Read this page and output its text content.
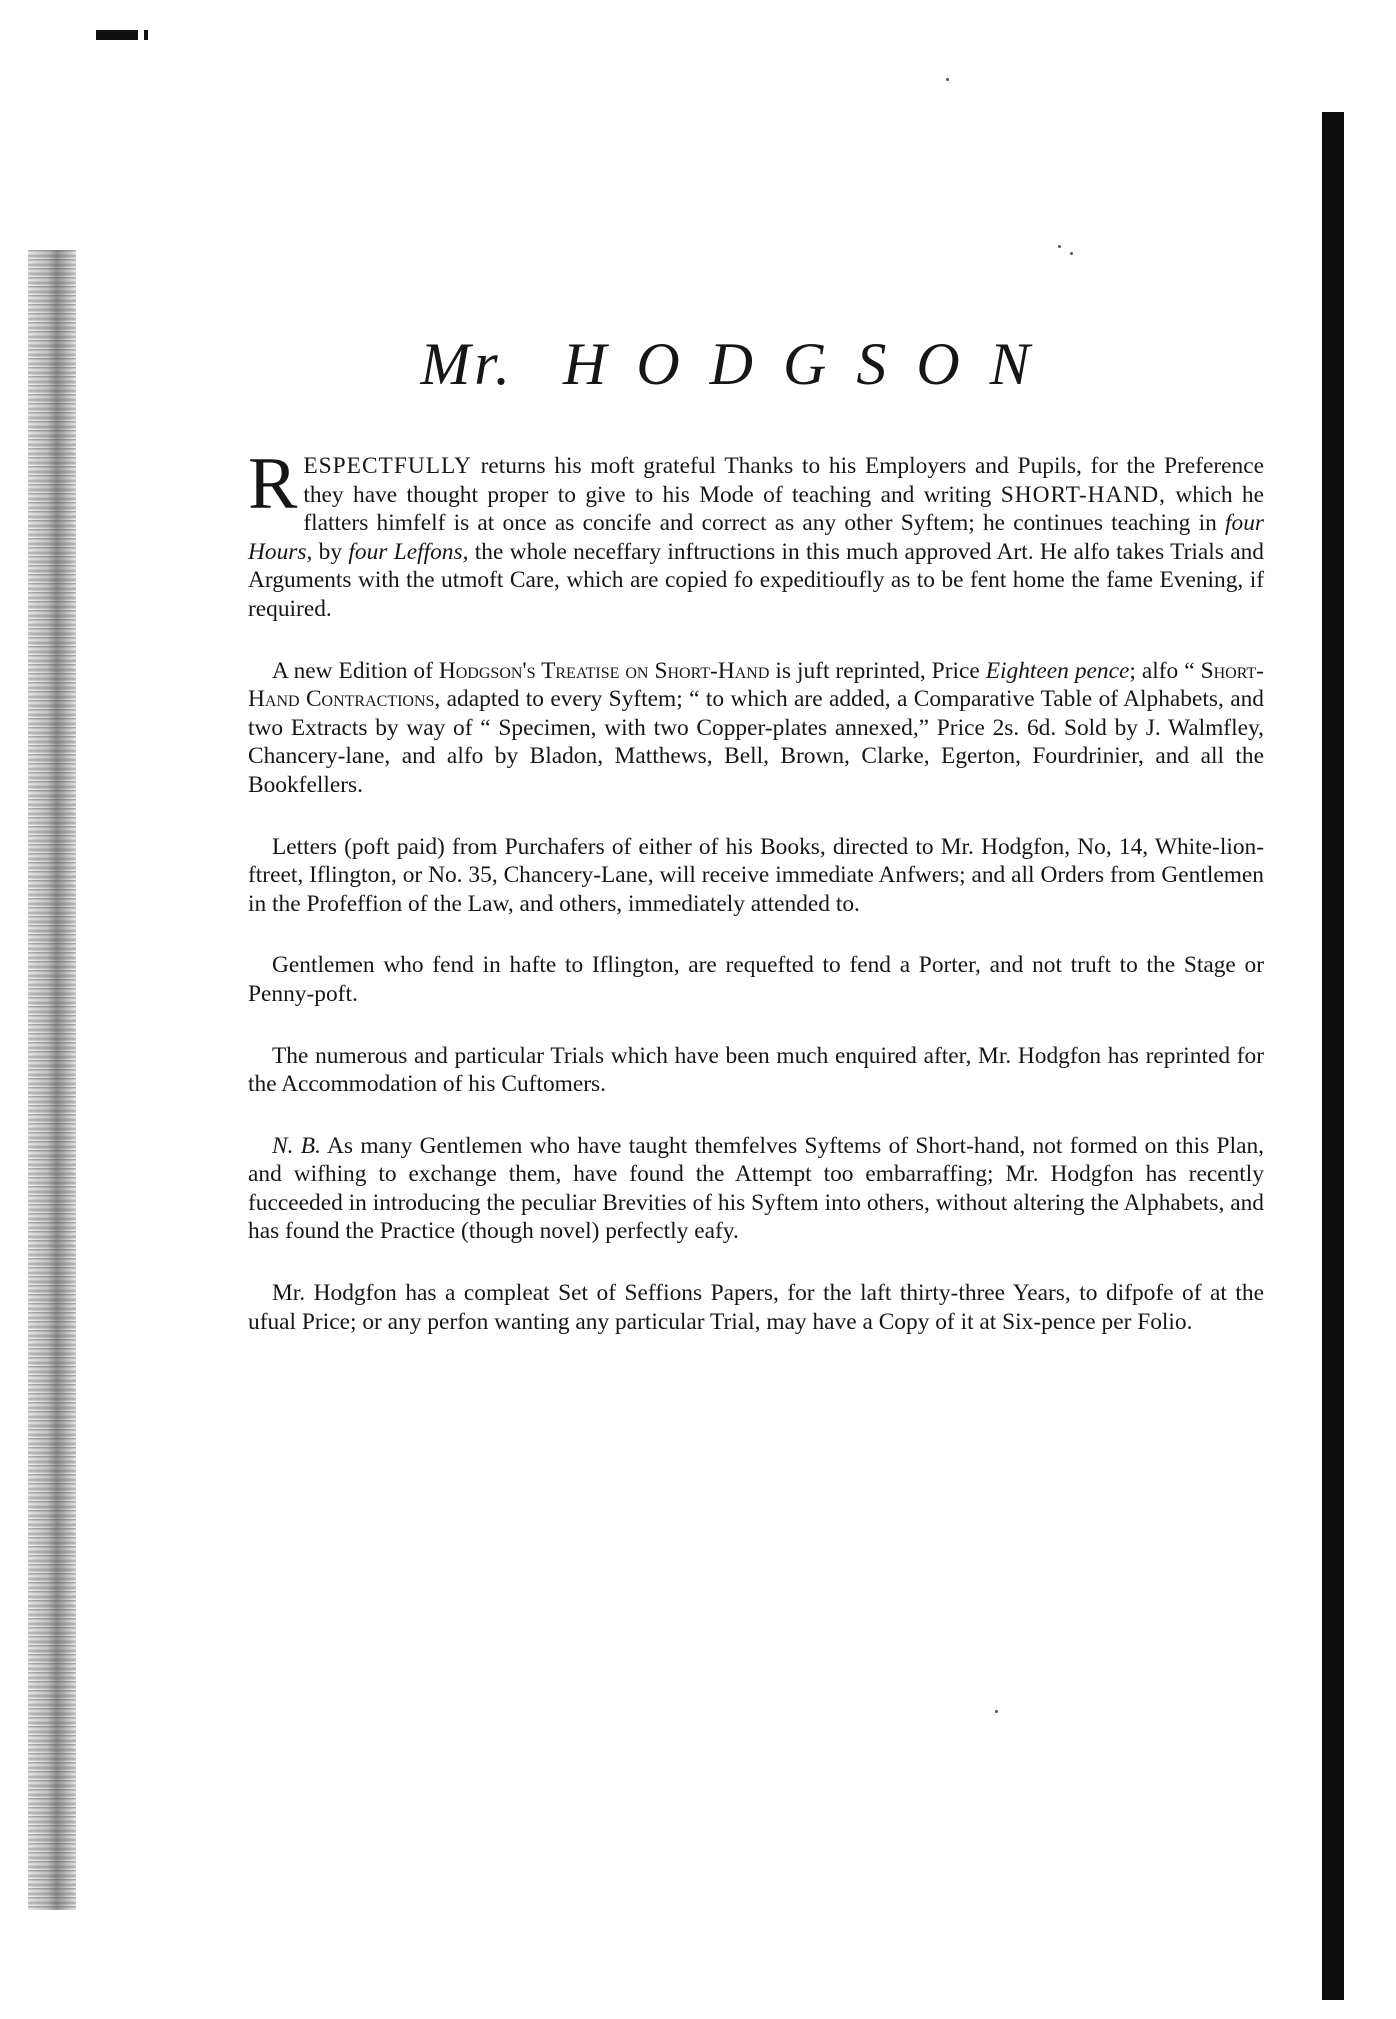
Mr. HODGSON

RESPECTFULLY returns his moft grateful Thanks to his Employers and Pupils, for the Preference they have thought proper to give to his Mode of teaching and writing SHORT-HAND, which he flatters himfelf is at once as concife and correct as any other Syftem; he continues teaching in four Hours, by four Leffons, the whole neceffary inftructions in this much approved Art. He alfo takes Trials and Arguments with the utmoft Care, which are copied fo expeditioufly as to be fent home the fame Evening, if required.

A new Edition of Hodgson's Treatise on Short-Hand is juft reprinted, Price Eighteen pence; alfo “ Short-Hand Contractions, adapted to every Syftem; “ to which are added, a Comparative Table of Alphabets, and two Extracts by way of “ Specimen, with two Copper-plates annexed,” Price 2s. 6d. Sold by J. Walmfley, Chancery-lane, and alfo by Bladon, Matthews, Bell, Brown, Clarke, Egerton, Fourdrinier, and all the Bookfellers.

Letters (poft paid) from Purchafers of either of his Books, directed to Mr. Hodgfon, No, 14, White-lion-ftreet, Iflington, or No. 35, Chancery-Lane, will receive immediate Anfwers; and all Orders from Gentlemen in the Profeffion of the Law, and others, immediately attended to.

Gentlemen who fend in hafte to Iflington, are requefted to fend a Porter, and not truft to the Stage or Penny-poft.

The numerous and particular Trials which have been much enquired after, Mr. Hodgfon has reprinted for the Accommodation of his Cuftomers.

N. B. As many Gentlemen who have taught themfelves Syftems of Short-hand, not formed on this Plan, and wifhing to exchange them, have found the Attempt too embarraffing; Mr. Hodgfon has recently fucceeded in introducing the peculiar Brevities of his Syftem into others, without altering the Alphabets, and has found the Practice (though novel) perfectly eafy.

Mr. Hodgfon has a compleat Set of Seffions Papers, for the laft thirty-three Years, to difpofe of at the ufual Price; or any perfon wanting any particular Trial, may have a Copy of it at Six-pence per Folio.
